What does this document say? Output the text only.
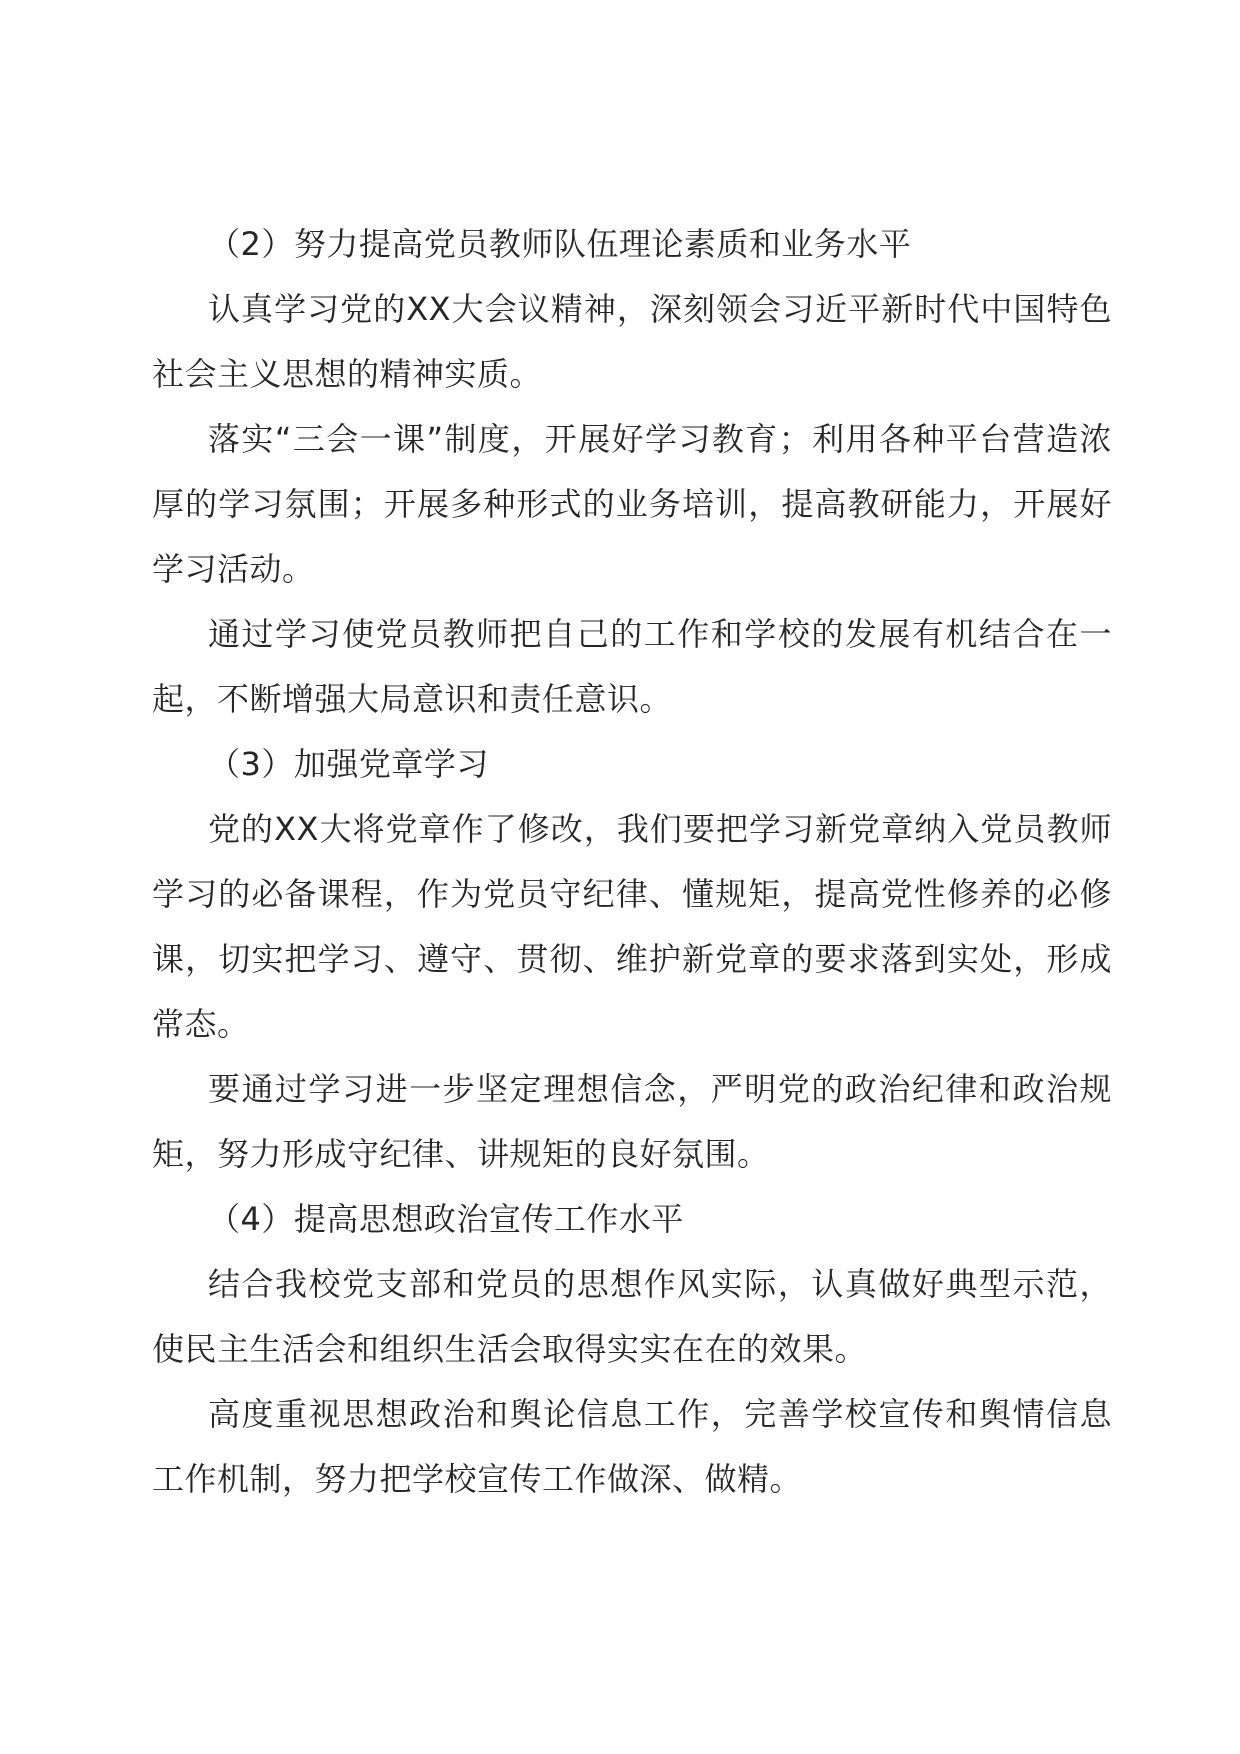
（2）努力提高党员教师队伍理论素质和业务水平

认真学习党的XX大会议精神，深刻领会习近平新时代中国特色社会主义思想的精神实质。

落实“三会一课”制度，开展好学习教育；利用各种平台营造浓厚的学习氛围；开展多种形式的业务培训，提高教研能力，开展好学习活动。

通过学习使党员教师把自己的工作和学校的发展有机结合在一起，不断增强大局意识和责任意识。

（3）加强党章学习

党的XX大将党章作了修改，我们要把学习新党章纳入党员教师学习的必备课程，作为党员守纪律、懂规矩，提高党性修养的必修课，切实把学习、遵守、贯彻、维护新党章的要求落到实处，形成常态。

要通过学习进一步坚定理想信念，严明党的政治纪律和政治规矩，努力形成守纪律、讲规矩的良好氛围。

（4）提高思想政治宣传工作水平

结合我校党支部和党员的思想作风实际，认真做好典型示范，使民主生活会和组织生活会取得实实在在的效果。

高度重视思想政治和舆论信息工作，完善学校宣传和舆情信息工作机制，努力把学校宣传工作做深、做精。
